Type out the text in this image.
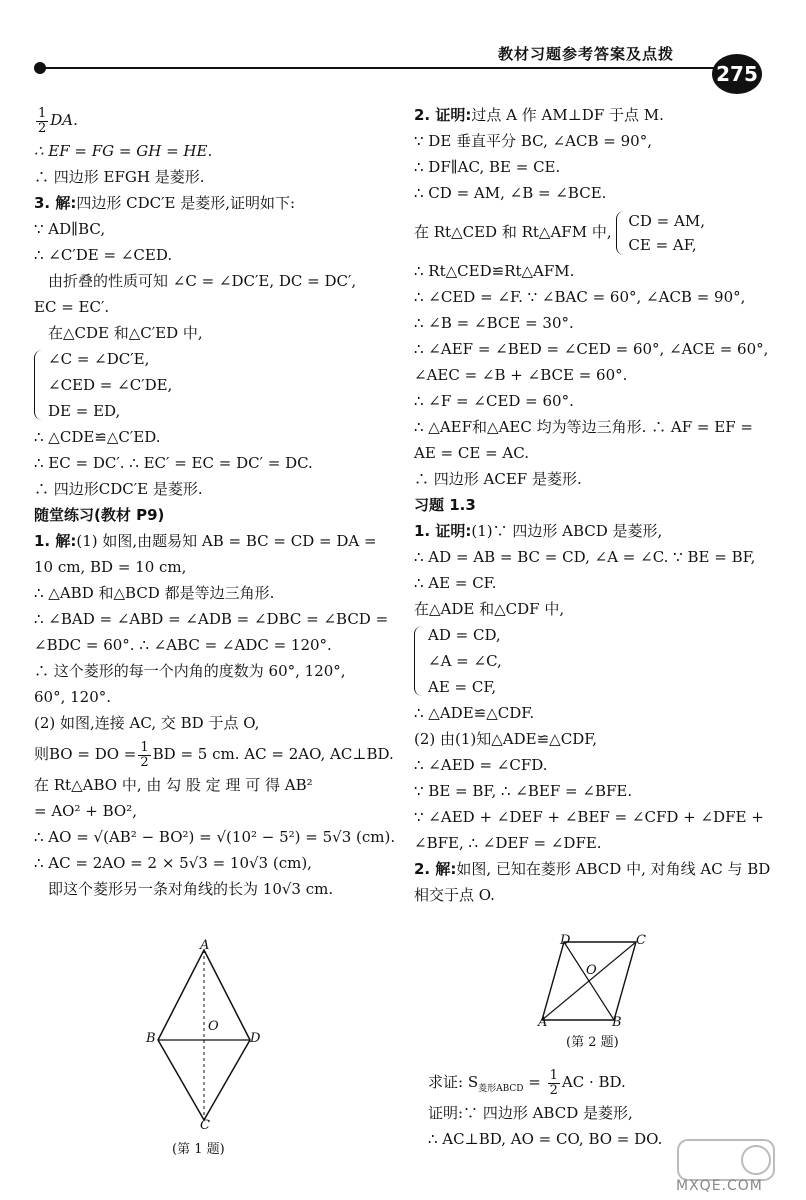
教材习题参考答案及点拨
275
$\frac{1}{2}$ DA.
∴ EF = FG = GH = HE.
∴ 四边形 EFGH 是菱形.
3. 解:四边形 CDC′E 是菱形,证明如下:
∵ AD∥BC,
∴ ∠C′DE = ∠CED.
由折叠的性质可知 ∠C = ∠DC′E, DC = DC′,
EC = EC′.
在△CDE 和△C′ED 中,
∠C = ∠DC′E,
∠CED = ∠C′DE,
DE = ED,
∴ △CDE≌△C′ED.
∴ EC = DC′. ∴ EC′ = EC = DC′ = DC.
∴ 四边形CDC′E 是菱形.
随堂练习(教材 P9)
1. 解:(1) 如图,由题易知 AB = BC = CD = DA =
10 cm, BD = 10 cm,
∴ △ABD 和△BCD 都是等边三角形.
∴ ∠BAD = ∠ABD = ∠ADB = ∠DBC = ∠BCD =
∠BDC = 60°. ∴ ∠ABC = ∠ADC = 120°.
∴ 这个菱形的每一个内角的度数为 60°, 120°,
60°, 120°.
(2) 如图,连接 AC, 交 BD 于点 O,
则BO = DO = $\frac{1}{2}$ BD = 5 cm. AC = 2AO, AC⊥BD.
在 Rt△ABO 中, 由 勾 股 定 理 可 得 AB²
= AO² + BO²,
∴ AO = √(AB² − BO²) = √(10² − 5²) = 5√3 (cm).
∴ AC = 2AO = 2 × 5√3 = 10√3 (cm),
即这个菱形另一条对角线的长为 10√3 cm.
A
B	D
O
C
(第 1 题)
2. 证明:过点 A 作 AM⊥DF 于点 M.
∵ DE 垂直平分 BC, ∠ACB = 90°,
∴ DF∥AC, BE = CE.
∴ CD = AM, ∠B = ∠BCE.
在 Rt△CED 和 Rt△AFM 中,
CD = AM,
CE = AF,
∴ Rt△CED≌Rt△AFM.
∴ ∠CED = ∠F. ∵ ∠BAC = 60°, ∠ACB = 90°,
∴ ∠B = ∠BCE = 30°.
∴ ∠AEF = ∠BED = ∠CED = 60°, ∠ACE = 60°,
∠AEC = ∠B + ∠BCE = 60°.
∴ ∠F = ∠CED = 60°.
∴ △AEF和△AEC 均为等边三角形. ∴ AF = EF =
AE = CE = AC.
∴ 四边形 ACEF 是菱形.
习题 1.3
1. 证明:(1)∵ 四边形 ABCD 是菱形,
∴ AD = AB = BC = CD, ∠A = ∠C. ∵ BE = BF,
∴ AE = CF.
在△ADE 和△CDF 中,
AD = CD,
∠A = ∠C,
AE = CF,
∴ △ADE≌△CDF.
(2) 由(1)知△ADE≌△CDF,
∴ ∠AED = ∠CFD.
∵ BE = BF, ∴ ∠BEF = ∠BFE.
∵ ∠AED + ∠DEF + ∠BEF = ∠CFD + ∠DFE +
∠BFE, ∴ ∠DEF = ∠DFE.
2. 解:如图, 已知在菱形 ABCD 中, 对角线 AC 与 BD
相交于点 O.
D	C
O
A	B
(第 2 题)
求证: $S_{菱形ABCD} = \frac{1}{2}$ AC · BD.
证明:∵ 四边形 ABCD 是菱形,
∴ AC⊥BD, AO = CO, BO = DO.
MXQE.COM
